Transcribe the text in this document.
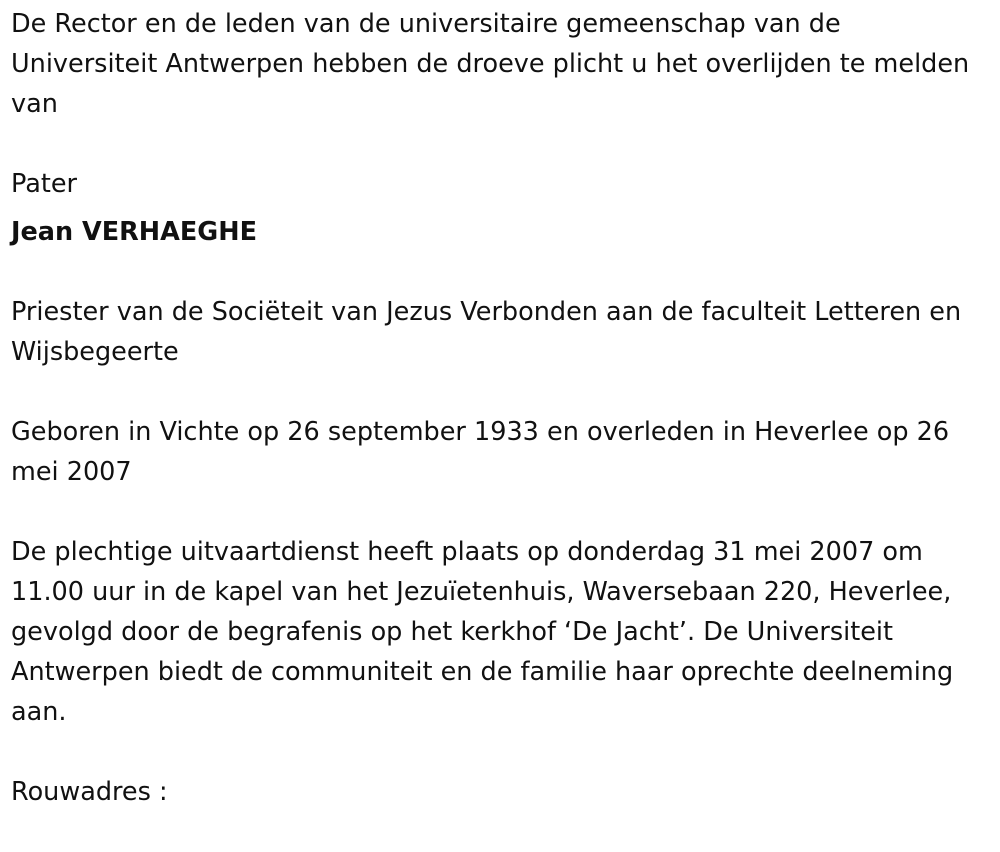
De Rector en de leden van de universitaire gemeenschap van de Universiteit Antwerpen hebben de droeve plicht u het overlijden te melden van

Pater

Jean VERHAEGHE

Priester van de Sociëteit van Jezus Verbonden aan de faculteit Letteren en Wijsbegeerte

Geboren in Vichte op 26 september 1933 en overleden in Heverlee op 26 mei 2007

De plechtige uitvaartdienst heeft plaats op donderdag 31 mei 2007 om 11.00 uur in de kapel van het Jezuïetenhuis, Waversebaan 220, Heverlee, gevolgd door de begrafenis op het kerkhof ‘De Jacht’. De Universiteit Antwerpen biedt de communiteit en de familie haar oprechte deelneming aan.

Rouwadres :
